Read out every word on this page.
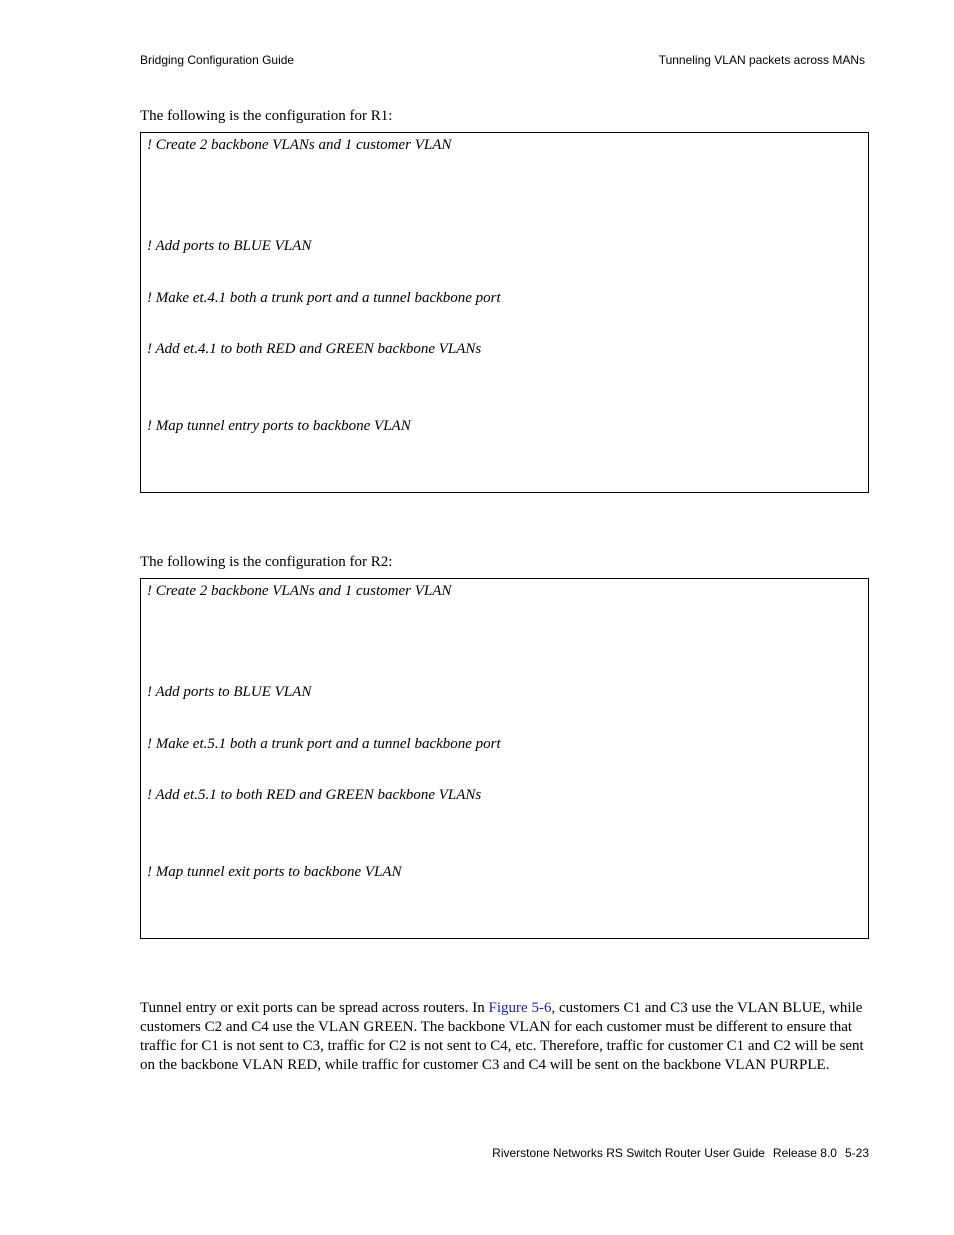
Bridging Configuration Guide	Tunneling VLAN packets across MANs
The following is the configuration for R1:
! Create 2 backbone VLANs and 1 customer VLAN
! Add ports to BLUE VLAN
! Make et.4.1 both a trunk port and a tunnel backbone port
! Add et.4.1 to both RED and GREEN backbone VLANs
! Map tunnel entry ports to backbone VLAN
The following is the configuration for R2:
! Create 2 backbone VLANs and 1 customer VLAN
! Add ports to BLUE VLAN
! Make et.5.1 both a trunk port and a tunnel backbone port
! Add et.5.1 to both RED and GREEN backbone VLANs
! Map tunnel exit ports to backbone VLAN

Tunnel entry or exit ports can be spread across routers. In Figure 5-6, customers C1 and C3 use the VLAN BLUE, while customers C2 and C4 use the VLAN GREEN. The backbone VLAN for each customer must be different to ensure that traffic for C1 is not sent to C3, traffic for C2 is not sent to C4, etc. Therefore, traffic for customer C1 and C2 will be sent on the backbone VLAN RED, while traffic for customer C3 and C4 will be sent on the backbone VLAN PURPLE.

Riverstone Networks RS Switch Router User Guide Release 8.0 5-23
